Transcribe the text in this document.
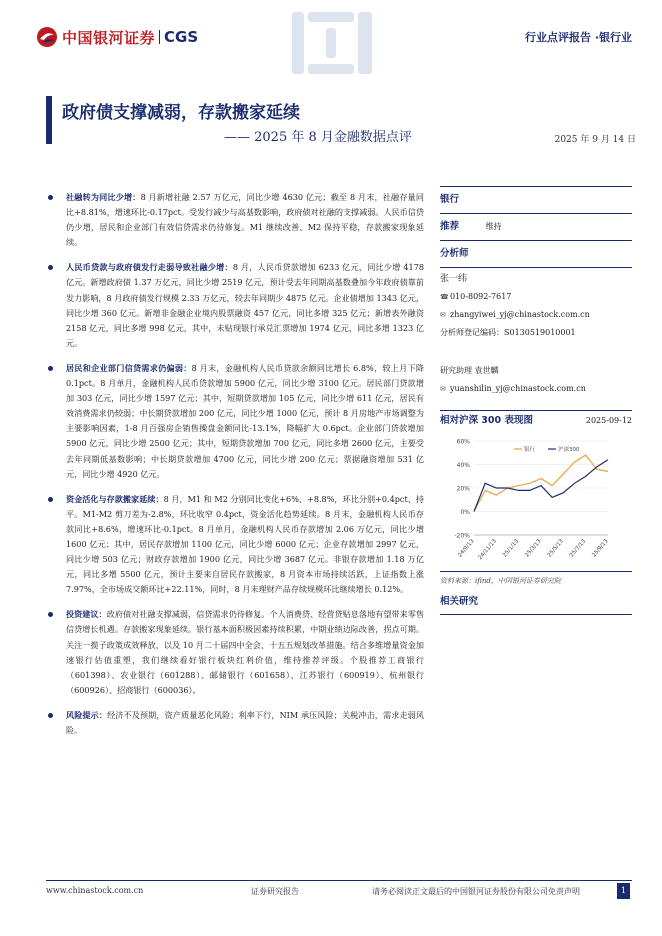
中国银河证券 CGS	行业点评报告 ·银行业
政府债支撑减弱，存款搬家延续
—— 2025 年 8 月金融数据点评	2025 年 9 月 14 日
社融转为同比少增：8 月新增社融 2.57 万亿元，同比少增 4630 亿元；截至 8 月末，社融存量同比+8.81%，增速环比-0.17pct。受发行减少与高基数影响，政府债对社融的支撑减弱。人民币信贷仍少增，居民和企业部门有效信贷需求仍待修复。M1 继续改善、M2 保持平稳，存款搬家现象延续。
人民币贷款与政府债发行走弱导致社融少增：8 月，人民币贷款增加 6233 亿元，同比少增 4178 亿元。新增政府债 1.37 万亿元，同比少增 2519 亿元，预计受去年同期高基数叠加今年政府债靠前发力影响，8 月政府债发行规模 2.33 万亿元，较去年同期少 4875 亿元。企业债增加 1343 亿元，同比少增 360 亿元。新增非金融企业境内股票融资 457 亿元，同比多增 325 亿元；新增表外融资 2158 亿元，同比多增 998 亿元，其中，未贴现银行承兑汇票增加 1974 亿元，同比多增 1323 亿元。
居民和企业部门信贷需求仍偏弱：8 月末，金融机构人民币贷款余额同比增长 6.8%，较上月下降 0.1pct。8 月单月，金融机构人民币贷款增加 5900 亿元，同比少增 3100 亿元。居民部门贷款增加 303 亿元，同比少增 1597 亿元；其中，短期贷款增加 105 亿元，同比少增 611 亿元，居民有效消费需求仍较弱；中长期贷款增加 200 亿元，同比少增 1000 亿元，预计 8 月房地产市场调整为主要影响因素，1-8 月百强房企销售操盘金额同比-13.1%，降幅扩大 0.6pct。企业部门贷款增加 5900 亿元，同比少增 2500 亿元；其中，短期贷款增加 700 亿元，同比多增 2600 亿元，主要受去年同期低基数影响；中长期贷款增加 4700 亿元，同比少增 200 亿元；票据融资增加 531 亿元，同比少增 4920 亿元。
资金活化与存款搬家延续：8 月，M1 和 M2 分别同比变化+6%、+8.8%，环比分别+0.4pct、持平。M1-M2 剪刀差为-2.8%，环比收窄 0.4pct，资金活化趋势延续。8 月末，金融机构人民币存款同比+8.6%，增速环比-0.1pct。8 月单月，金融机构人民币存款增加 2.06 万亿元，同比少增 1600 亿元；其中，居民存款增加 1100 亿元，同比少增 6000 亿元；企业存款增加 2997 亿元，同比少增 503 亿元；财政存款增加 1900 亿元，同比少增 3687 亿元。非银存款增加 1.18 万亿元，同比多增 5500 亿元，预计主要来自居民存款搬家，8 月资本市场持续活跃，上证指数上涨 7.97%，全市场成交额环比+22.11%，同时，8 月末理财产品存续规模环比继续增长 0.12%。
投资建议：政府债对社融支撑减弱，信贷需求仍待修复。个人消费贷、经营贷贴息落地有望带来零售信贷增长机遇。存款搬家现象延续。银行基本面积极因素持续积累，中期业绩边际改善，拐点可期。关注一揽子政策成效释放，以及 10 月二十届四中全会、十五五规划改革措施。结合多维增量资金加速银行估值重塑，我们继续看好银行板块红利价值，维持推荐评级。个股推荐工商银行（601398）、农业银行（601288）、邮储银行（601658）、江苏银行（600919）、杭州银行（600926）、招商银行（600036）。
风险提示：经济不及预期，资产质量恶化风险；利率下行，NIM 承压风险；关税冲击，需求走弱风险。
银行
推荐	维持
分析师
张一纬
☎010-8092-7617
✉ zhangyiwei_yj@chinastock.com.cn
分析师登记编码：S0130519010001
研究助理 袁世麟
✉ yuanshilin_yj@chinastock.com.cn
相对沪深 300 表现图	2025-09-12
60%
40%
20%
0%
-20%
24/9/13 24/11/13 25/1/13 25/3/13 25/5/13 25/7/13 25/9/13
银行	沪深300
资料来源：ifind，中国银河证券研究院
相关研究
www.chinastock.com.cn	证券研究报告	请务必阅读正文最后的中国银河证券股份有限公司免责声明	1
